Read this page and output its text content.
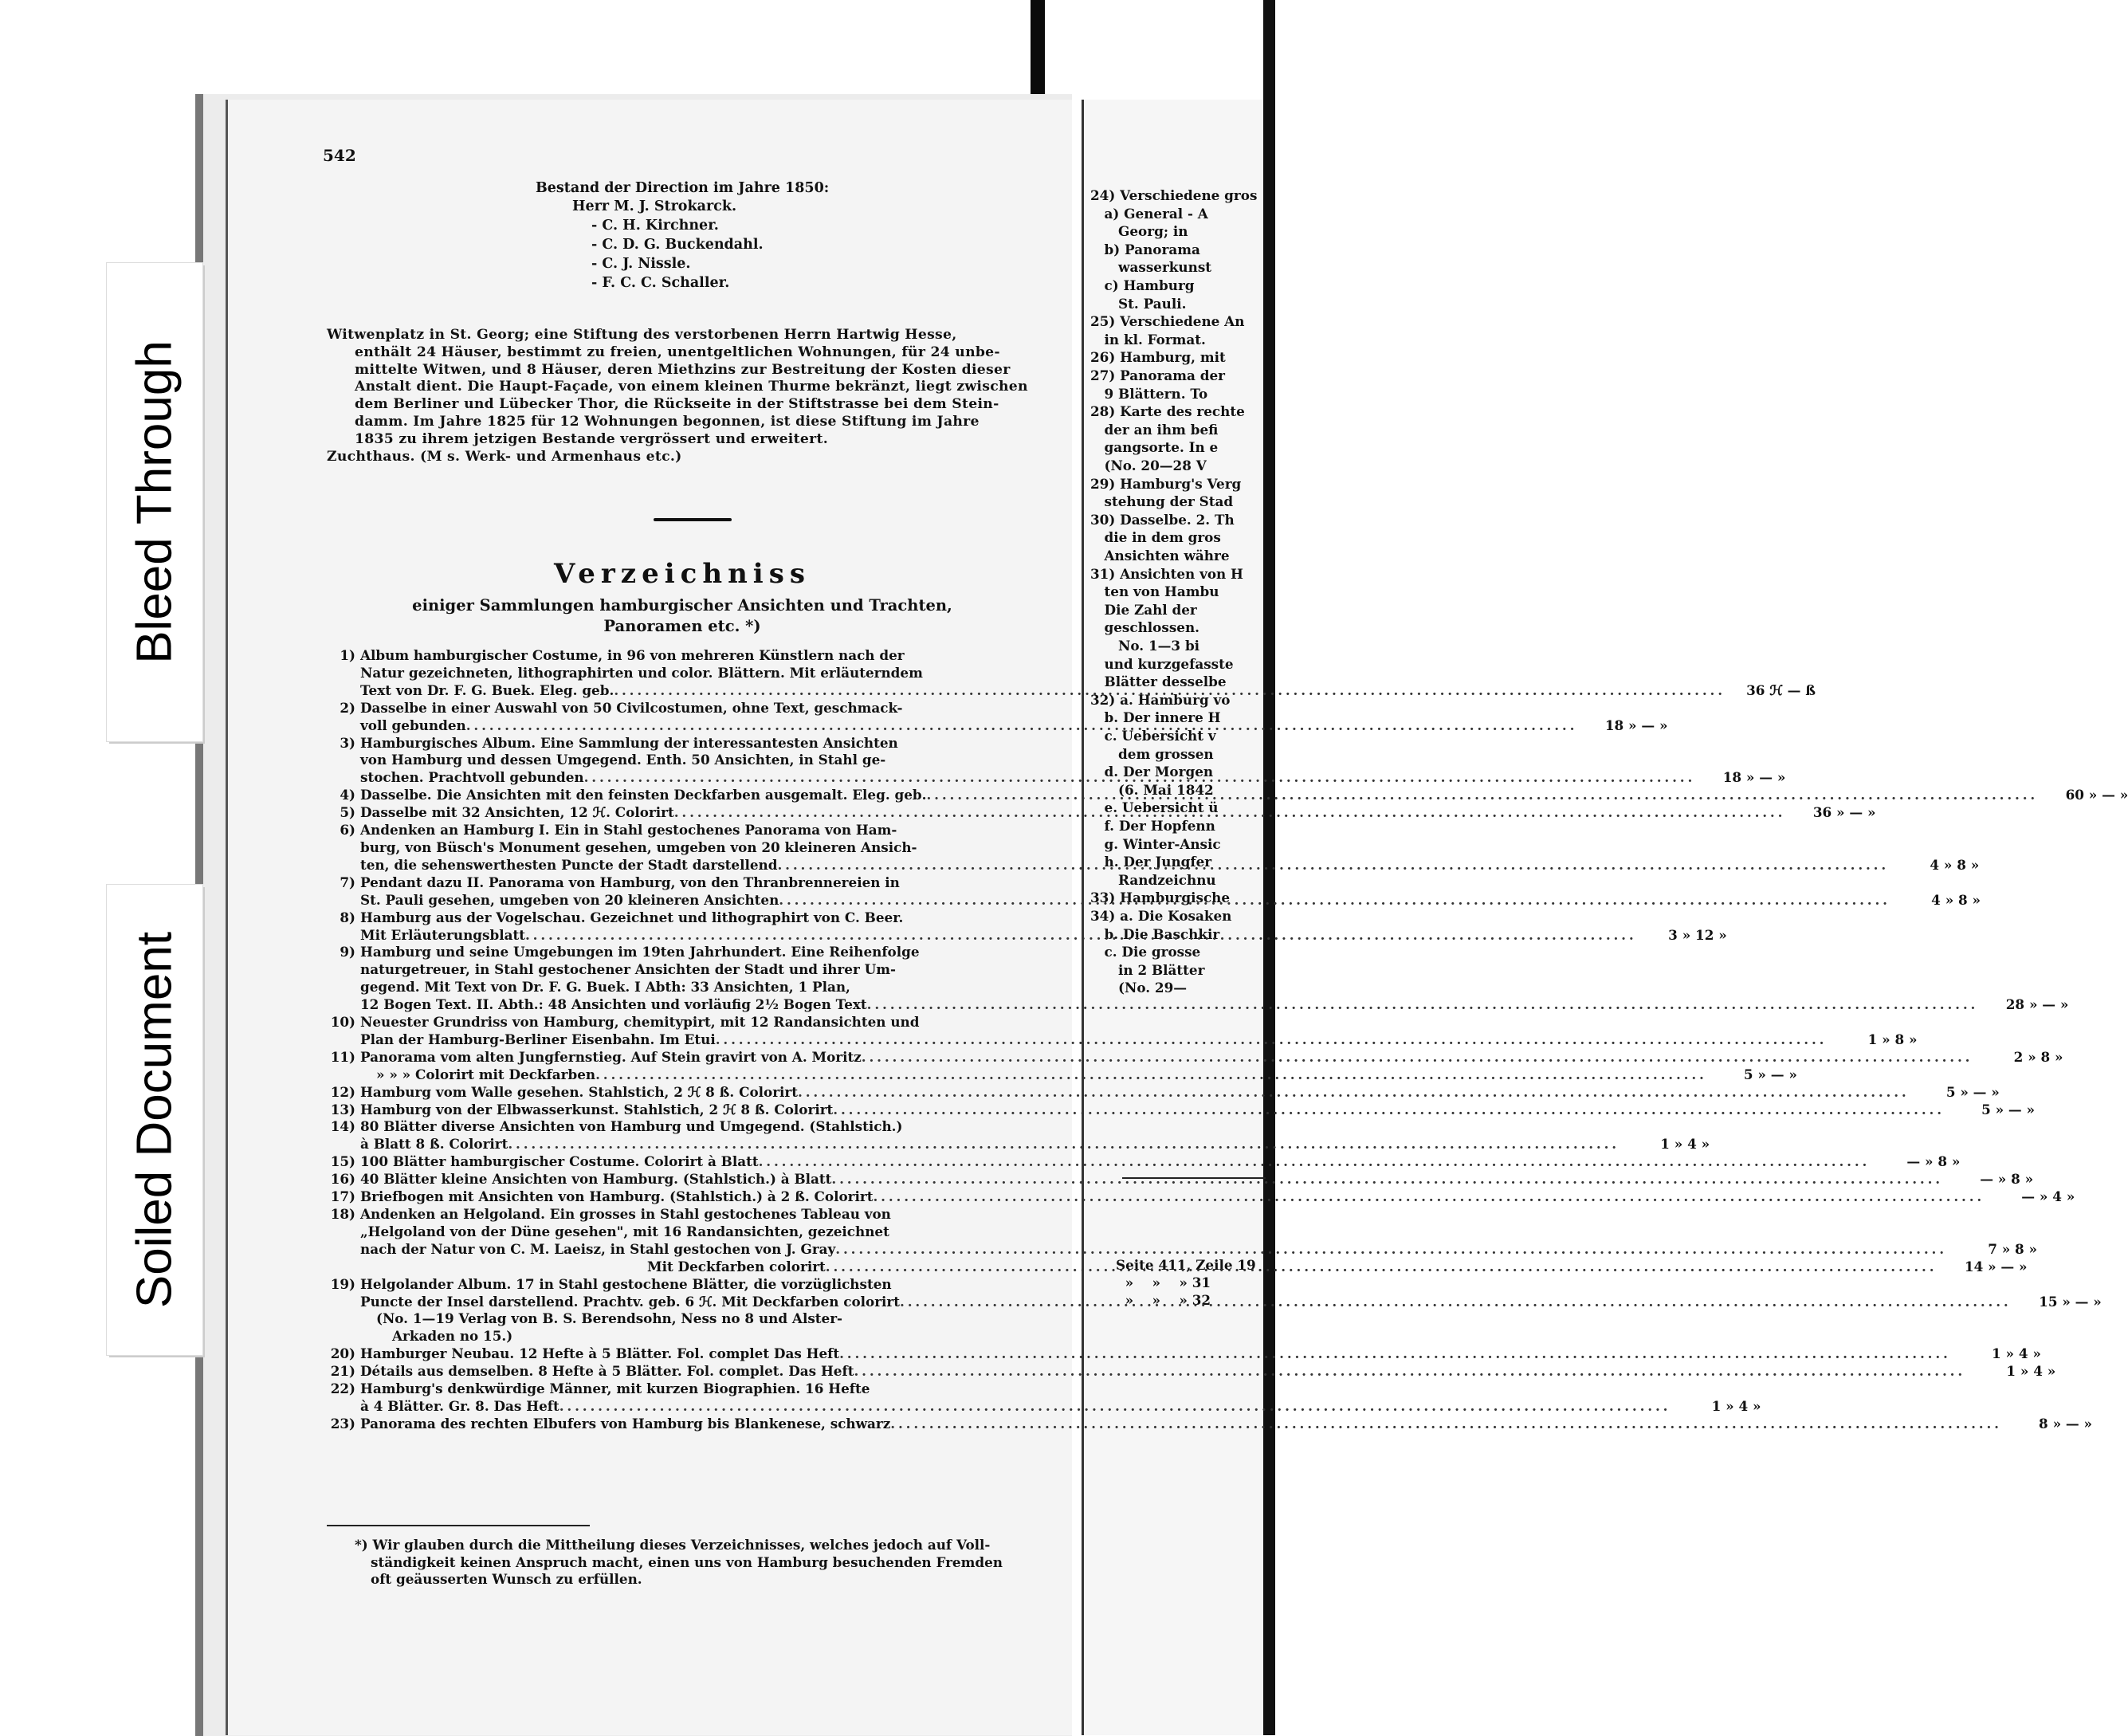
24) Verschiedene gros
a) General - A
Georg; in
b) Panorama
wasserkunst
c) Hamburg
St. Pauli.
25) Verschiedene An
in kl. Format.
26) Hamburg, mit
27) Panorama der
9 Blättern. To
28) Karte des rechte
der an ihm befi
gangsorte. In e
(No. 20—28 V
29) Hamburg's Verg
stehung der Stad
30) Dasselbe. 2. Th
die in dem gros
Ansichten währe
31) Ansichten von H
ten von Hambu
Die Zahl der
geschlossen.
No. 1—3 bi
und kurzgefasste
Blätter desselbe
32) a. Hamburg vo
b. Der innere H
c. Uebersicht v
dem grossen
d. Der Morgen
(6. Mai 1842
e. Uebersicht ü
f. Der Hopfenn
g. Winter-Ansic
h. Der Jungfer
Randzeichnu
33) Hamburgische
34) a. Die Kosaken
b. Die Baschkir
c. Die grosse
in 2 Blätter
(No. 29—
Seite 411, Zeile 19
»    »    » 31
»    »    » 32
Bleed Through
Soiled Document
542
Bestand der Direction im Jahre 1850:
Herr M. J. Strokarck.
- C. H. Kirchner.
- C. D. G. Buckendahl.
- C. J. Nissle.
- F. C. C. Schaller.
Witwenplatz in St. Georg; eine Stiftung des verstorbenen Herrn Hartwig Hesse,
enthält 24 Häuser, bestimmt zu freien, unentgeltlichen Wohnungen, für 24 unbe-
mittelte Witwen, und 8 Häuser, deren Miethzins zur Bestreitung der Kosten dieser
Anstalt dient. Die Haupt-Façade, von einem kleinen Thurme bekränzt, liegt zwischen
dem Berliner und Lübecker Thor, die Rückseite in der Stiftstrasse bei dem Stein-
damm. Im Jahre 1825 für 12 Wohnungen begonnen, ist diese Stiftung im Jahre
1835 zu ihrem jetzigen Bestande vergrössert und erweitert.
Zuchthaus. (M s. Werk- und Armenhaus etc.)
Verzeichniss
einiger Sammlungen hamburgischer Ansichten und Trachten,
Panoramen etc. *)
1) Album hamburgischer Costume, in 96 von mehreren Künstlern nach der
Natur gezeichneten, lithographirten und color. Blättern. Mit erläuterndem
Text von Dr. F. G. Buek. Eleg. geb. . . .	36 ℋ — ß
2) Dasselbe in einer Auswahl von 50 Civilcostumen, ohne Text, geschmack-
voll gebunden . . .	18 » — »
3) Hamburgisches Album. Eine Sammlung der interessantesten Ansichten
von Hamburg und dessen Umgegend. Enth. 50 Ansichten, in Stahl ge-
stochen. Prachtvoll gebunden . . .	18 » — »
4) Dasselbe. Die Ansichten mit den feinsten Deckfarben ausgemalt. Eleg. geb. . . .	60 » — »
5) Dasselbe mit 32 Ansichten, 12 ℋ. Colorirt . . .	36 » — »
6) Andenken an Hamburg I. Ein in Stahl gestochenes Panorama von Ham-
burg, von Büsch's Monument gesehen, umgeben von 20 kleineren Ansich-
ten, die sehenswerthesten Puncte der Stadt darstellend . . .	4 » 8 »
7) Pendant dazu II. Panorama von Hamburg, von den Thranbrennereien in
St. Pauli gesehen, umgeben von 20 kleineren Ansichten . . .	4 » 8 »
8) Hamburg aus der Vogelschau. Gezeichnet und lithographirt von C. Beer.
Mit Erläuterungsblatt . . .	3 » 12 »
9) Hamburg und seine Umgebungen im 19ten Jahrhundert. Eine Reihenfolge
naturgetreuer, in Stahl gestochener Ansichten der Stadt und ihrer Um-
gegend. Mit Text von Dr. F. G. Buek. I Abth: 33 Ansichten, 1 Plan,
12 Bogen Text. II. Abth.: 48 Ansichten und vorläufig 2½ Bogen Text . . .	28 » — »
10) Neuester Grundriss von Hamburg, chemitypirt, mit 12 Randansichten und
Plan der Hamburg-Berliner Eisenbahn. Im Etui . . .	1 » 8 »
11) Panorama vom alten Jungfernstieg. Auf Stein gravirt von A. Moritz . . .	2 » 8 »
» » » Colorirt mit Deckfarben . . .	5 » — »
12) Hamburg vom Walle gesehen. Stahlstich, 2 ℋ 8 ß. Colorirt . . .	5 » — »
13) Hamburg von der Elbwasserkunst. Stahlstich, 2 ℋ 8 ß. Colorirt . . .	5 » — »
14) 80 Blätter diverse Ansichten von Hamburg und Umgegend. (Stahlstich.)
à Blatt 8 ß. Colorirt . . .	1 » 4 »
15) 100 Blätter hamburgischer Costume. Colorirt à Blatt . . .	— » 8 »
16) 40 Blätter kleine Ansichten von Hamburg. (Stahlstich.) à Blatt . . .	— » 8 »
17) Briefbogen mit Ansichten von Hamburg. (Stahlstich.) à 2 ß. Colorirt . . .	— » 4 »
18) Andenken an Helgoland. Ein grosses in Stahl gestochenes Tableau von
„Helgoland von der Düne gesehen", mit 16 Randansichten, gezeichnet
nach der Natur von C. M. Laeisz, in Stahl gestochen von J. Gray . . .	7 » 8 »
Mit Deckfarben colorirt . . .	14 » — »
19) Helgolander Album. 17 in Stahl gestochene Blätter, die vorzüglichsten
Puncte der Insel darstellend. Prachtv. geb. 6 ℋ. Mit Deckfarben colorirt . . .	15 » — »
(No. 1—19 Verlag von B. S. Berendsohn, Ness no 8 und Alster-
Arkaden no 15.)
20) Hamburger Neubau. 12 Hefte à 5 Blätter. Fol. complet Das Heft . . .	1 » 4 »
21) Détails aus demselben. 8 Hefte à 5 Blätter. Fol. complet. Das Heft . . .	1 » 4 »
22) Hamburg's denkwürdige Männer, mit kurzen Biographien. 16 Hefte
à 4 Blätter. Gr. 8. Das Heft . . .	1 » 4 »
23) Panorama des rechten Elbufers von Hamburg bis Blankenese, schwarz . . .	8 » — »
*) Wir glauben durch die Mittheilung dieses Verzeichnisses, welches jedoch auf Voll-
ständigkeit keinen Anspruch macht, einen uns von Hamburg besuchenden Fremden
oft geäusserten Wunsch zu erfüllen.
